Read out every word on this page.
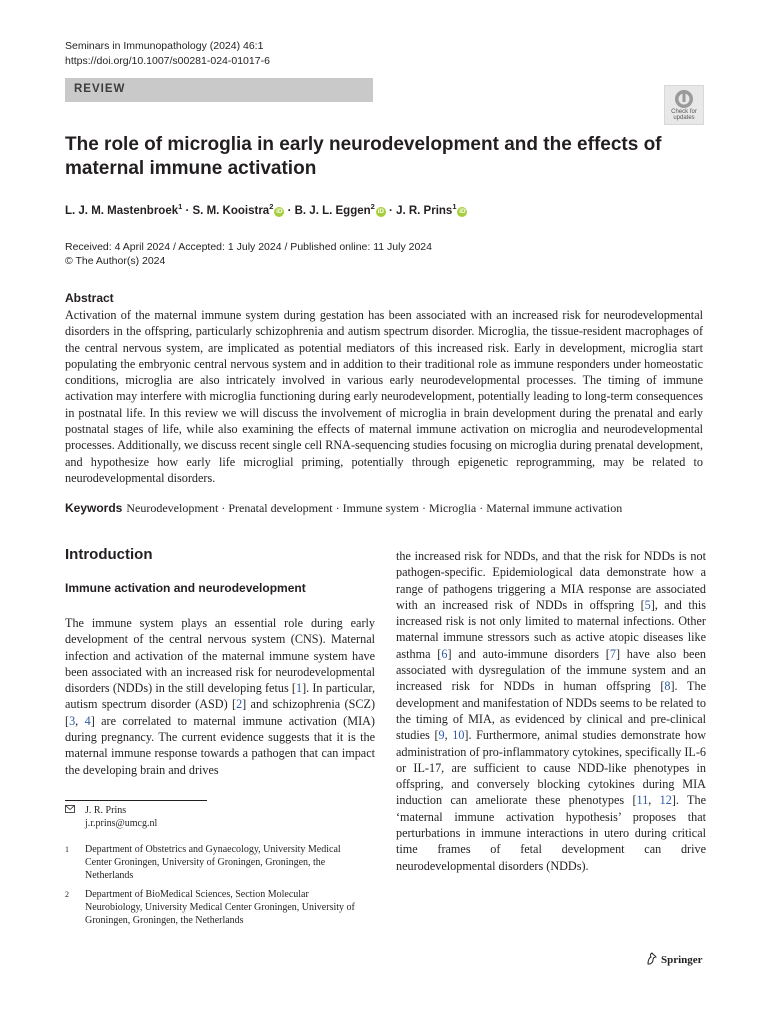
Seminars in Immunopathology (2024) 46:1
https://doi.org/10.1007/s00281-024-01017-6
REVIEW
Check for
updates
The role of microglia in early neurodevelopment and the effects of maternal immune activation
L. J. M. Mastenbroek$^1$ · S. M. Kooistra$^2$iD · B. J. L. Eggen$^2$iD · J. R. Prins$^1$iD
Received: 4 April 2024 / Accepted: 1 July 2024 / Published online: 11 July 2024
© The Author(s) 2024
Abstract

Activation of the maternal immune system during gestation has been associated with an increased risk for neurodevelopmental disorders in the offspring, particularly schizophrenia and autism spectrum disorder. Microglia, the tissue-resident macrophages of the central nervous system, are implicated as potential mediators of this increased risk. Early in development, microglia start populating the embryonic central nervous system and in addition to their traditional role as immune responders under homeostatic conditions, microglia are also intricately involved in various early neurodevelopmental processes. The timing of immune activation may interfere with microglia functioning during early neurodevelopment, potentially leading to long-term consequences in postnatal life. In this review we will discuss the involvement of microglia in brain development during the prenatal and early postnatal stages of life, while also examining the effects of maternal immune activation on microglia and neurodevelopmental processes. Additionally, we discuss recent single cell RNA-sequencing studies focusing on microglia during prenatal development, and hypothesize how early life microglial priming, potentially through epigenetic reprogramming, may be related to neurodevelopmental disorders.

Keywords Neurodevelopment · Prenatal development · Immune system · Microglia · Maternal immune activation
Introduction
Immune activation and neurodevelopment

The immune system plays an essential role during early development of the central nervous system (CNS). Maternal infection and activation of the maternal immune system have been associated with an increased risk for neurodevelopmental disorders (NDDs) in the still developing fetus [1]. In particular, autism spectrum disorder (ASD) [2] and schizophrenia (SCZ) [3, 4] are correlated to maternal immune activation (MIA) during pregnancy. The current evidence suggests that it is the maternal immune response towards a pathogen that can impact the developing brain and drives

the increased risk for NDDs, and that the risk for NDDs is not pathogen-specific. Epidemiological data demonstrate how a range of pathogens triggering a MIA response are associated with an increased risk of NDDs in offspring [5], and this increased risk is not only limited to maternal infections. Other maternal immune stressors such as active atopic diseases like asthma [6] and auto-immune disorders [7] have also been associated with dysregulation of the immune system and an increased risk for NDDs in human offspring [8]. The development and manifestation of NDDs seems to be related to the timing of MIA, as evidenced by clinical and pre-clinical studies [9, 10]. Furthermore, animal studies demonstrate how administration of pro-inflammatory cytokines, specifically IL-6 or IL-17, are sufficient to cause NDD-like phenotypes in offspring, and conversely blocking cytokines during MIA induction can ameliorate these phenotypes [11, 12]. The ‘maternal immune activation hypothesis’ proposes that perturbations in immune interactions in utero during critical time frames of fetal development can drive neurodevelopmental disorders (NDDs).

J. R. Prins
j.r.prins@umcg.nl
1 Department of Obstetrics and Gynaecology, University Medical Center Groningen, University of Groningen, Groningen, the Netherlands
2 Department of BioMedical Sciences, Section Molecular Neurobiology, University Medical Center Groningen, University of Groningen, Groningen, the Netherlands
Springer
